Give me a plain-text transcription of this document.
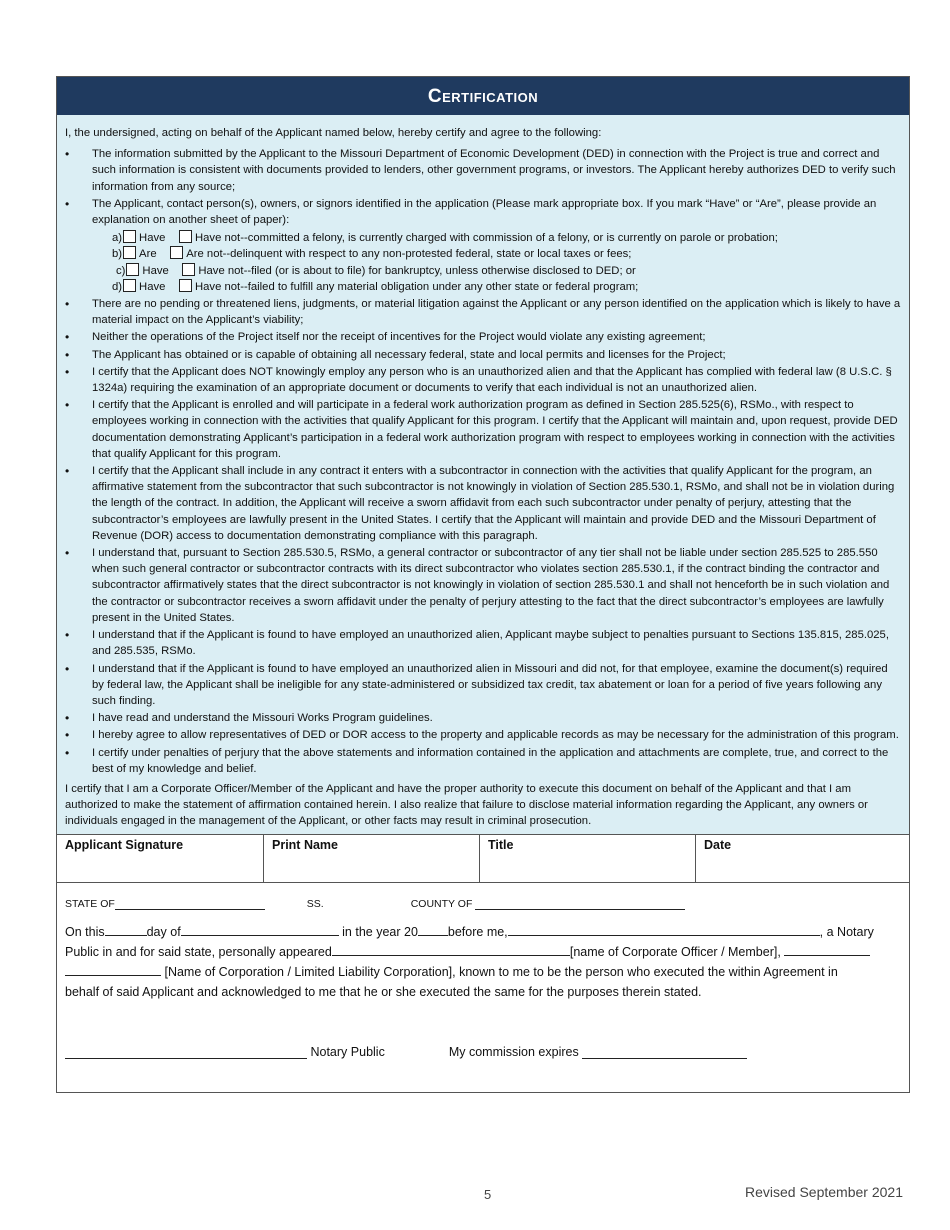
Certification

I, the undersigned, acting on behalf of the Applicant named below, hereby certify and agree to the following:

• The information submitted by the Applicant to the Missouri Department of Economic Development (DED) in connection with the Project is true and correct and such information is consistent with documents provided to lenders, other government programs, or investors. The Applicant hereby authorizes DED to verify such information from any source;
• The Applicant, contact person(s), owners, or signors identified in the application (Please mark appropriate box. If you mark “Have” or “Are”, please provide an explanation on another sheet of paper):
a) Have	Have not--committed a felony, is currently charged with commission of a felony, or is currently on parole or probation;
b) Are	Are not--delinquent with respect to any non-protested federal, state or local taxes or fees;
c) Have	Have not--filed (or is about to file) for bankruptcy, unless otherwise disclosed to DED; or
d) Have	Have not--failed to fulfill any material obligation under any other state or federal program;
• There are no pending or threatened liens, judgments, or material litigation against the Applicant or any person identified on the application which is likely to have a material impact on the Applicant’s viability;
• Neither the operations of the Project itself nor the receipt of incentives for the Project would violate any existing agreement;
• The Applicant has obtained or is capable of obtaining all necessary federal, state and local permits and licenses for the Project;
• I certify that the Applicant does NOT knowingly employ any person who is an unauthorized alien and that the Applicant has complied with federal law (8 U.S.C. § 1324a) requiring the examination of an appropriate document or documents to verify that each individual is not an unauthorized alien.
• I certify that the Applicant is enrolled and will participate in a federal work authorization program as defined in Section 285.525(6), RSMo., with respect to employees working in connection with the activities that qualify Applicant for this program. I certify that the Applicant will maintain and, upon request, provide DED documentation demonstrating Applicant’s participation in a federal work authorization program with respect to employees working in connection with the activities that qualify Applicant for this program.
• I certify that the Applicant shall include in any contract it enters with a subcontractor in connection with the activities that qualify Applicant for the program, an affirmative statement from the subcontractor that such subcontractor is not knowingly in violation of Section 285.530.1, RSMo, and shall not be in violation during the length of the contract. In addition, the Applicant will receive a sworn affidavit from each such subcontractor under penalty of perjury, attesting that the subcontractor’s employees are lawfully present in the United States. I certify that the Applicant will maintain and provide DED and the Missouri Department of Revenue (DOR) access to documentation demonstrating compliance with this paragraph.
• I understand that, pursuant to Section 285.530.5, RSMo, a general contractor or subcontractor of any tier shall not be liable under section 285.525 to 285.550 when such general contractor or subcontractor contracts with its direct subcontractor who violates section 285.530.1, if the contract binding the contractor and subcontractor affirmatively states that the direct subcontractor is not knowingly in violation of section 285.530.1 and shall not henceforth be in such violation and the contractor or subcontractor receives a sworn affidavit under the penalty of perjury attesting to the fact that the direct subcontractor’s employees are lawfully present in the United States.
• I understand that if the Applicant is found to have employed an unauthorized alien, Applicant maybe subject to penalties pursuant to Sections 135.815, 285.025, and 285.535, RSMo.
• I understand that if the Applicant is found to have employed an unauthorized alien in Missouri and did not, for that employee, examine the document(s) required by federal law, the Applicant shall be ineligible for any state-administered or subsidized tax credit, tax abatement or loan for a period of five years following any such finding.
• I have read and understand the Missouri Works Program guidelines.
• I hereby agree to allow representatives of DED or DOR access to the property and applicable records as may be necessary for the administration of this program.
• I certify under penalties of perjury that the above statements and information contained in the application and attachments are complete, true, and correct to the best of my knowledge and belief.

I certify that I am a Corporate Officer/Member of the Applicant and have the proper authority to execute this document on behalf of the Applicant and that I am authorized to make the statement of affirmation contained herein. I also realize that failure to disclose material information regarding the Applicant, any owners or individuals engaged in the management of the Applicant, or other facts may result in criminal prosecution.

Applicant Signature	Print Name	Title	Date
STATE OF	SS.	COUNTY OF

On this	day of	in the year 20 before me,	, a Notary
Public in and for said state, personally appeared	[name of Corporate Officer / Member],
[Name of Corporation / Limited Liability Corporation], known to me to be the person who executed the within Agreement in
behalf of said Applicant and acknowledged to me that he or she executed the same for the purposes therein stated.

Notary Public	My commission expires

5	Revised September 2021
